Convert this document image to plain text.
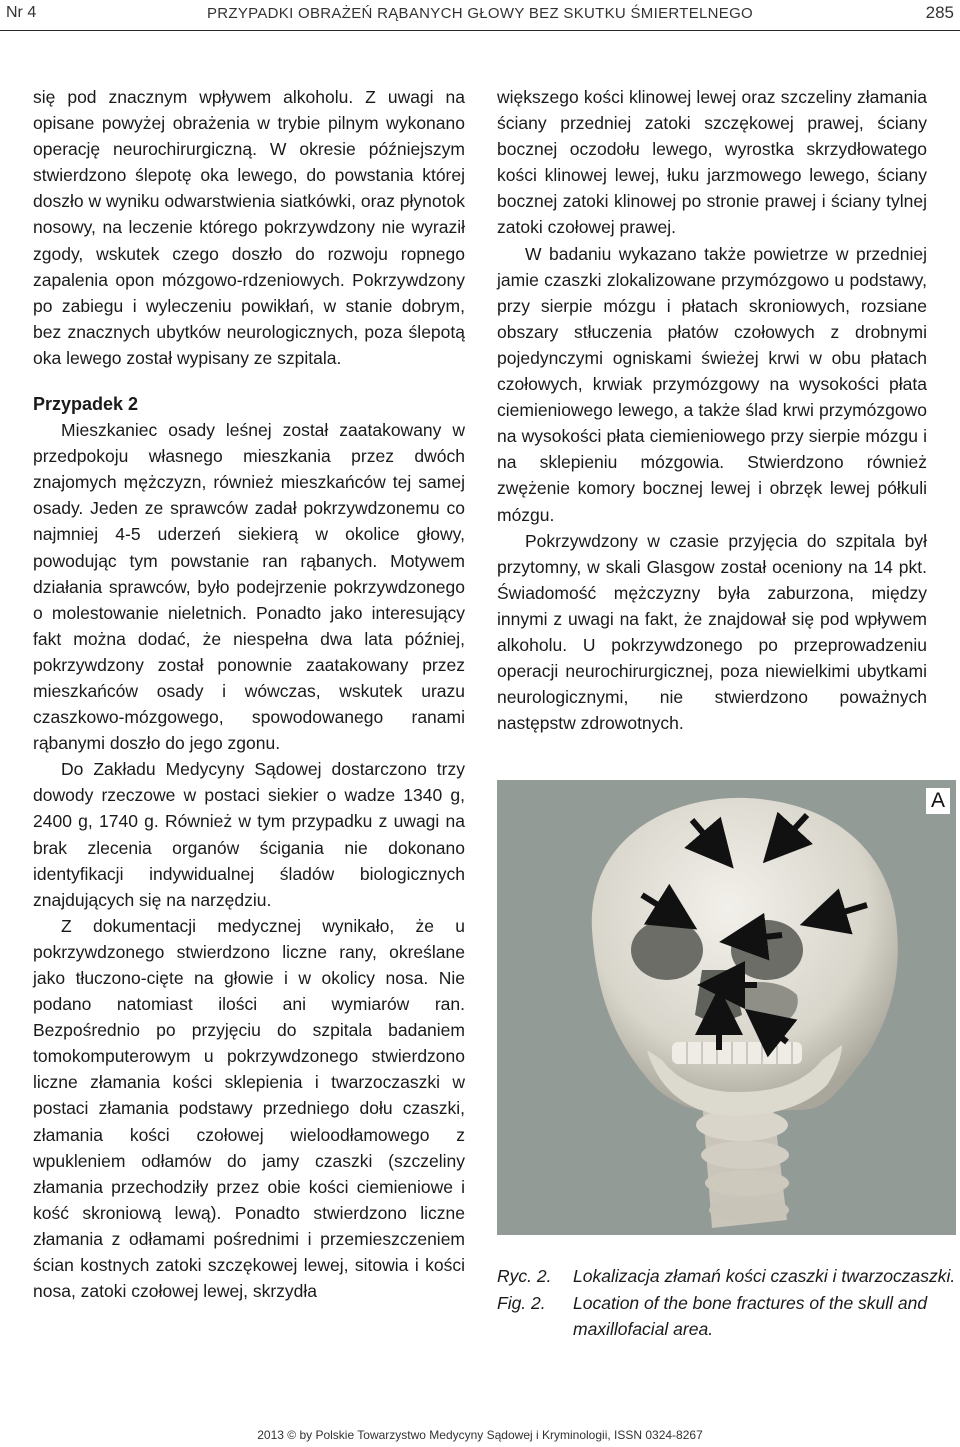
Nr 4	PRZYPADKI OBRAŻEŃ RĄBANYCH GŁOWY BEZ SKUTKU ŚMIERTELNEGO	285

się pod znacznym wpływem alkoholu. Z uwagi na opisane powyżej obrażenia w trybie pilnym wykonano operację neurochirurgiczną. W okresie późniejszym stwierdzono ślepotę oka lewego, do powstania której doszło w wyniku odwarstwienia siatkówki, oraz płynotok nosowy, na leczenie którego pokrzywdzony nie wyraził zgody, wskutek czego doszło do rozwoju ropnego zapalenia opon mózgowo-rdzeniowych. Pokrzywdzony po zabiegu i wyleczeniu powikłań, w stanie dobrym, bez znacznych ubytków neurologicznych, poza ślepotą oka lewego został wypisany ze szpitala.

Przypadek 2

Mieszkaniec osady leśnej został zaatakowany w przedpokoju własnego mieszkania przez dwóch znajomych mężczyzn, również mieszkańców tej samej osady. Jeden ze sprawców zadał pokrzywdzonemu co najmniej 4-5 uderzeń siekierą w okolice głowy, powodując tym powstanie ran rąbanych. Motywem działania sprawców, było podejrzenie pokrzywdzonego o molestowanie nieletnich. Ponadto jako interesujący fakt można dodać, że niespełna dwa lata później, pokrzywdzony został ponownie zaatakowany przez mieszkańców osady i wówczas, wskutek urazu czaszkowo-mózgowego, spowodowanego ranami rąbanymi doszło do jego zgonu.

Do Zakładu Medycyny Sądowej dostarczono trzy dowody rzeczowe w postaci siekier o wadze 1340 g, 2400 g, 1740 g. Również w tym przypadku z uwagi na brak zlecenia organów ścigania nie dokonano identyfikacji indywidualnej śladów biologicznych znajdujących się na narzędziu.

Z dokumentacji medycznej wynikało, że u pokrzywdzonego stwierdzono liczne rany, określane jako tłuczono-cięte na głowie i w okolicy nosa. Nie podano natomiast ilości ani wymiarów ran. Bezpośrednio po przyjęciu do szpitala badaniem tomokomputerowym u pokrzywdzonego stwierdzono liczne złamania kości sklepienia i twarzoczaszki w postaci złamania podstawy przedniego dołu czaszki, złamania kości czołowej wieloodłamowego z wpukleniem odłamów do jamy czaszki (szczeliny złamania przechodziły przez obie kości ciemieniowe i kość skroniową lewą). Ponadto stwierdzono liczne złamania z odłamami pośrednimi i przemieszczeniem ścian kostnych zatoki szczękowej lewej, sitowia i kości nosa, zatoki czołowej lewej, skrzydła

większego kości klinowej lewej oraz szczeliny złamania ściany przedniej zatoki szczękowej prawej, ściany bocznej oczodołu lewego, wyrostka skrzydłowatego kości klinowej lewej, łuku jarzmowego lewego, ściany bocznej zatoki klinowej po stronie prawej i ściany tylnej zatoki czołowej prawej.

W badaniu wykazano także powietrze w przedniej jamie czaszki zlokalizowane przymózgowo u podstawy, przy sierpie mózgu i płatach skroniowych, rozsiane obszary stłuczenia płatów czołowych z drobnymi pojedynczymi ogniskami świeżej krwi w obu płatach czołowych, krwiak przymózgowy na wysokości płata ciemieniowego lewego, a także ślad krwi przymózgowo na wysokości płata ciemieniowego przy sierpie mózgu i na sklepieniu mózgowia. Stwierdzono również zwężenie komory bocznej lewej i obrzęk lewej półkuli mózgu.

Pokrzywdzony w czasie przyjęcia do szpitala był przytomny, w skali Glasgow został oceniony na 14 pkt. Świadomość mężczyzny była zaburzona, między innymi z uwagi na fakt, że znajdował się pod wpływem alkoholu. U pokrzywdzonego po przeprowadzeniu operacji neurochirurgicznej, poza niewielkimi ubytkami neurologicznymi, nie stwierdzono poważnych następstw zdrowotnych.

A
Ryc. 2.	Lokalizacja złamań kości czaszki i twarzoczaszki.
Fig. 2.	Location of the bone fractures of the skull and maxillofacial area.
2013 © by Polskie Towarzystwo Medycyny Sądowej i Kryminologii, ISSN 0324-8267
